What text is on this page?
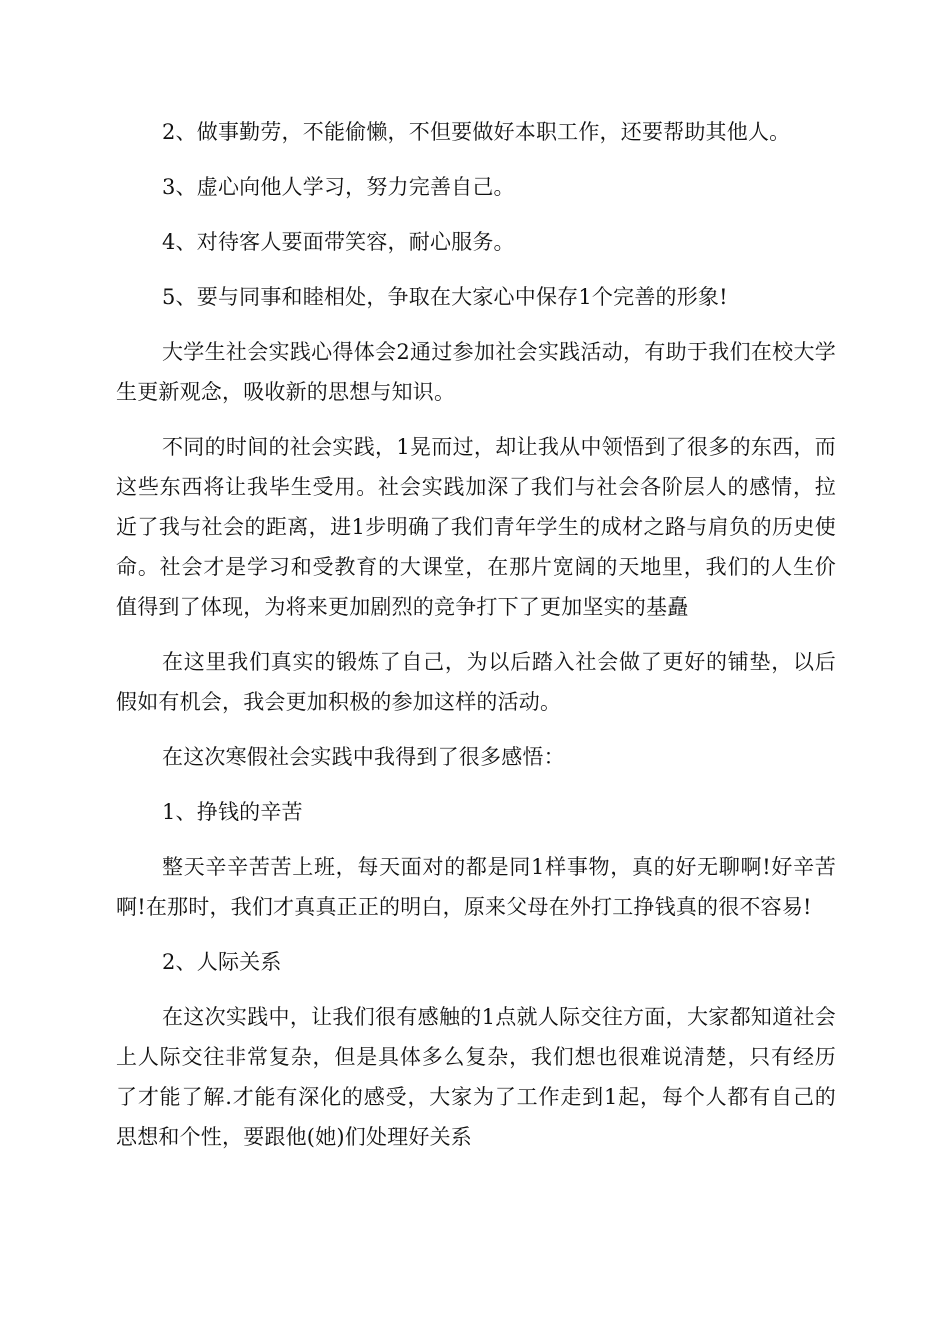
2、做事勤劳，不能偷懒，不但要做好本职工作，还要帮助其他人。

3、虚心向他人学习，努力完善自己。

4、对待客人要面带笑容，耐心服务。

5、要与同事和睦相处，争取在大家心中保存1个完善的形象!

大学生社会实践心得体会2通过参加社会实践活动，有助于我们在校大学生更新观念，吸收新的思想与知识。

不同的时间的社会实践，1晃而过，却让我从中领悟到了很多的东西，而这些东西将让我毕生受用。社会实践加深了我们与社会各阶层人的感情，拉近了我与社会的距离，进1步明确了我们青年学生的成材之路与肩负的历史使命。社会才是学习和受教育的大课堂，在那片宽阔的天地里，我们的人生价值得到了体现，为将来更加剧烈的竞争打下了更加坚实的基矗

在这里我们真实的锻炼了自己，为以后踏入社会做了更好的铺垫，以后假如有机会，我会更加积极的参加这样的活动。

在这次寒假社会实践中我得到了很多感悟：

1、挣钱的辛苦

整天辛辛苦苦上班，每天面对的都是同1样事物，真的好无聊啊!好辛苦啊!在那时，我们才真真正正的明白，原来父母在外打工挣钱真的很不容易!

2、人际关系

在这次实践中，让我们很有感触的1点就人际交往方面，大家都知道社会上人际交往非常复杂，但是具体多么复杂，我们想也很难说清楚，只有经历了才能了解.才能有深化的感受，大家为了工作走到1起，每个人都有自己的思想和个性，要跟他(她)们处理好关系
